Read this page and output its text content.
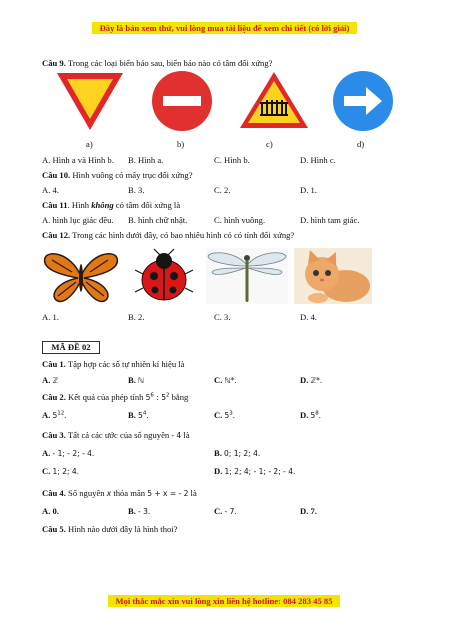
Đây là bản xem thử, vui lòng mua tài liệu để xem chi tiết (có lời giải)
Câu 9. Trong các loại biển báo sau, biển báo nào có tâm đối xứng?
a)	b)	c)	d)
A. Hình a và Hình b. B. Hình a.	C. Hình b.	D. Hình c.
Câu 10. Hình vuông có mấy trục đối xứng?
A. 4.	B. 3.	C. 2.	D. 1.
Câu 11. Hình không có tâm đối xứng là
A. hình lục giác đều. B. hình chữ nhật.	C. hình vuông.	D. hình tam giác.
Câu 12. Trong các hình dưới đây, có bao nhiêu hình có có tính đối xứng?
A. 1.	B. 2.	C. 3.	D. 4.
MÃ ĐỀ 02
Câu 1. Tập hợp các số tự nhiên kí hiệu là
A. ℤ	B. ℕ	C. ℕ*.	D. ℤ*.
Câu 2. Kết quả của phép tính $5^6$ : $5^2$ bằng
A. $5^{12}$.	B. $5^4$.	C. $5^3$.	D. $5^8$.
Câu 3. Tất cả các ước của số nguyên - 4 là
A. - 1; - 2; - 4.	B. 0; 1; 2; 4.
C. 1; 2; 4.	D. 1; 2; 4; - 1; - 2; - 4.
Câu 4. Số nguyên x thỏa mãn 5 + x = - 2 là
A. 0.	B. - 3.	C. - 7.	D. 7.
Câu 5. Hình nào dưới đây là hình thoi?
Mọi thắc mắc xin vui lòng xin liên hệ hotline: 084 283 45 85
